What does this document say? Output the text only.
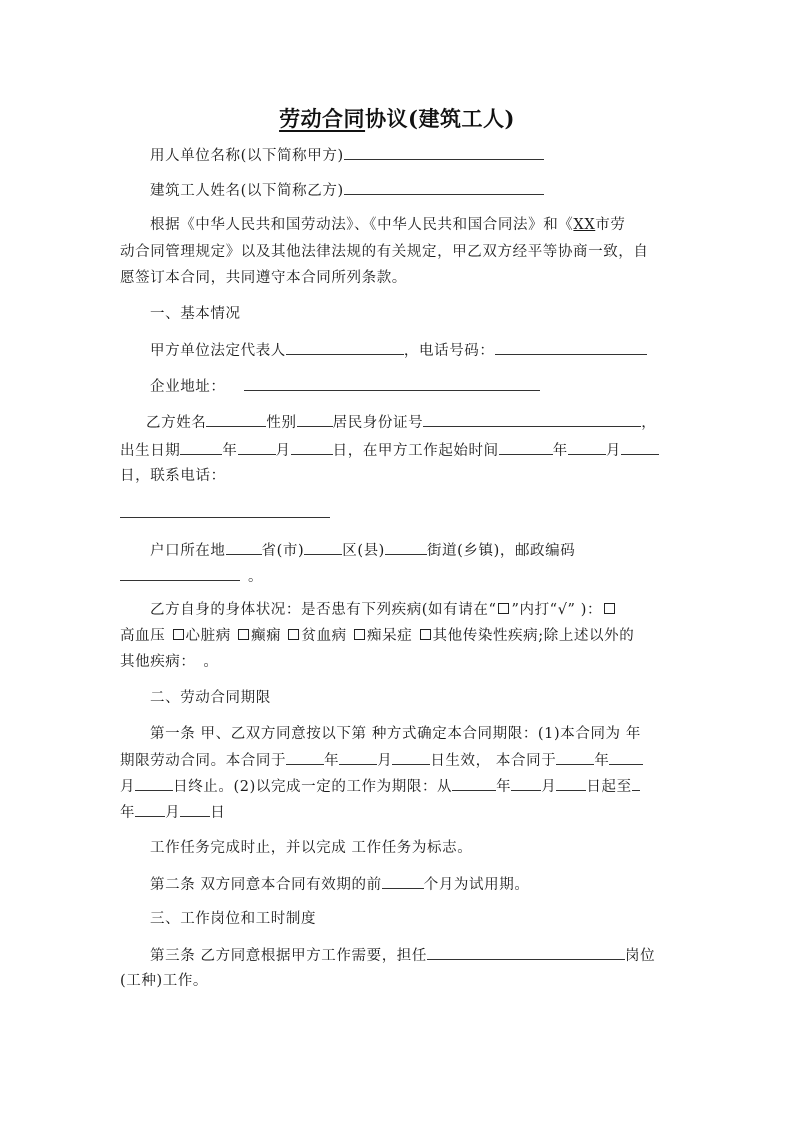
劳动合同协议(建筑工人)
用人单位名称(以下简称甲方)
建筑工人姓名(以下简称乙方)
根据《中华人民共和国劳动法》、《中华人民共和国合同法》和《XX市劳
动合同管理规定》以及其他法律法规的有关规定，甲乙双方经平等协商一致，自
愿签订本合同，共同遵守本合同所列条款。
一、基本情况
甲方单位法定代表人	，电话号码：
企业地址：
乙方姓名	性别 居民身份证号	，
出生日期	年	月	日，在甲方工作起始时间	年	月
日，联系电话：
户口所在地 省(市)	区(县)	街道(乡镇)，邮政编码
。
乙方自身的身体状况：是否患有下列疾病(如有请在“ ”内打“√” )：
高血压 心脏病 癫痫 贫血病 痴呆症 其他传染性疾病;除上述以外的
其他疾病：　。
二、劳动合同期限
第一条 甲、乙双方同意按以下第 种方式确定本合同期限：(1)本合同为 年
期限劳动合同。本合同于	年	月	日生效， 本合同于	年
月	日终止。(2)以完成一定的工作为期限：从	年 月 日起至
年 月 日
工作任务完成时止，并以完成 工作任务为标志。
第二条 双方同意本合同有效期的前	个月为试用期。
三、工作岗位和工时制度
第三条 乙方同意根据甲方工作需要，担任	岗位
(工种)工作。
